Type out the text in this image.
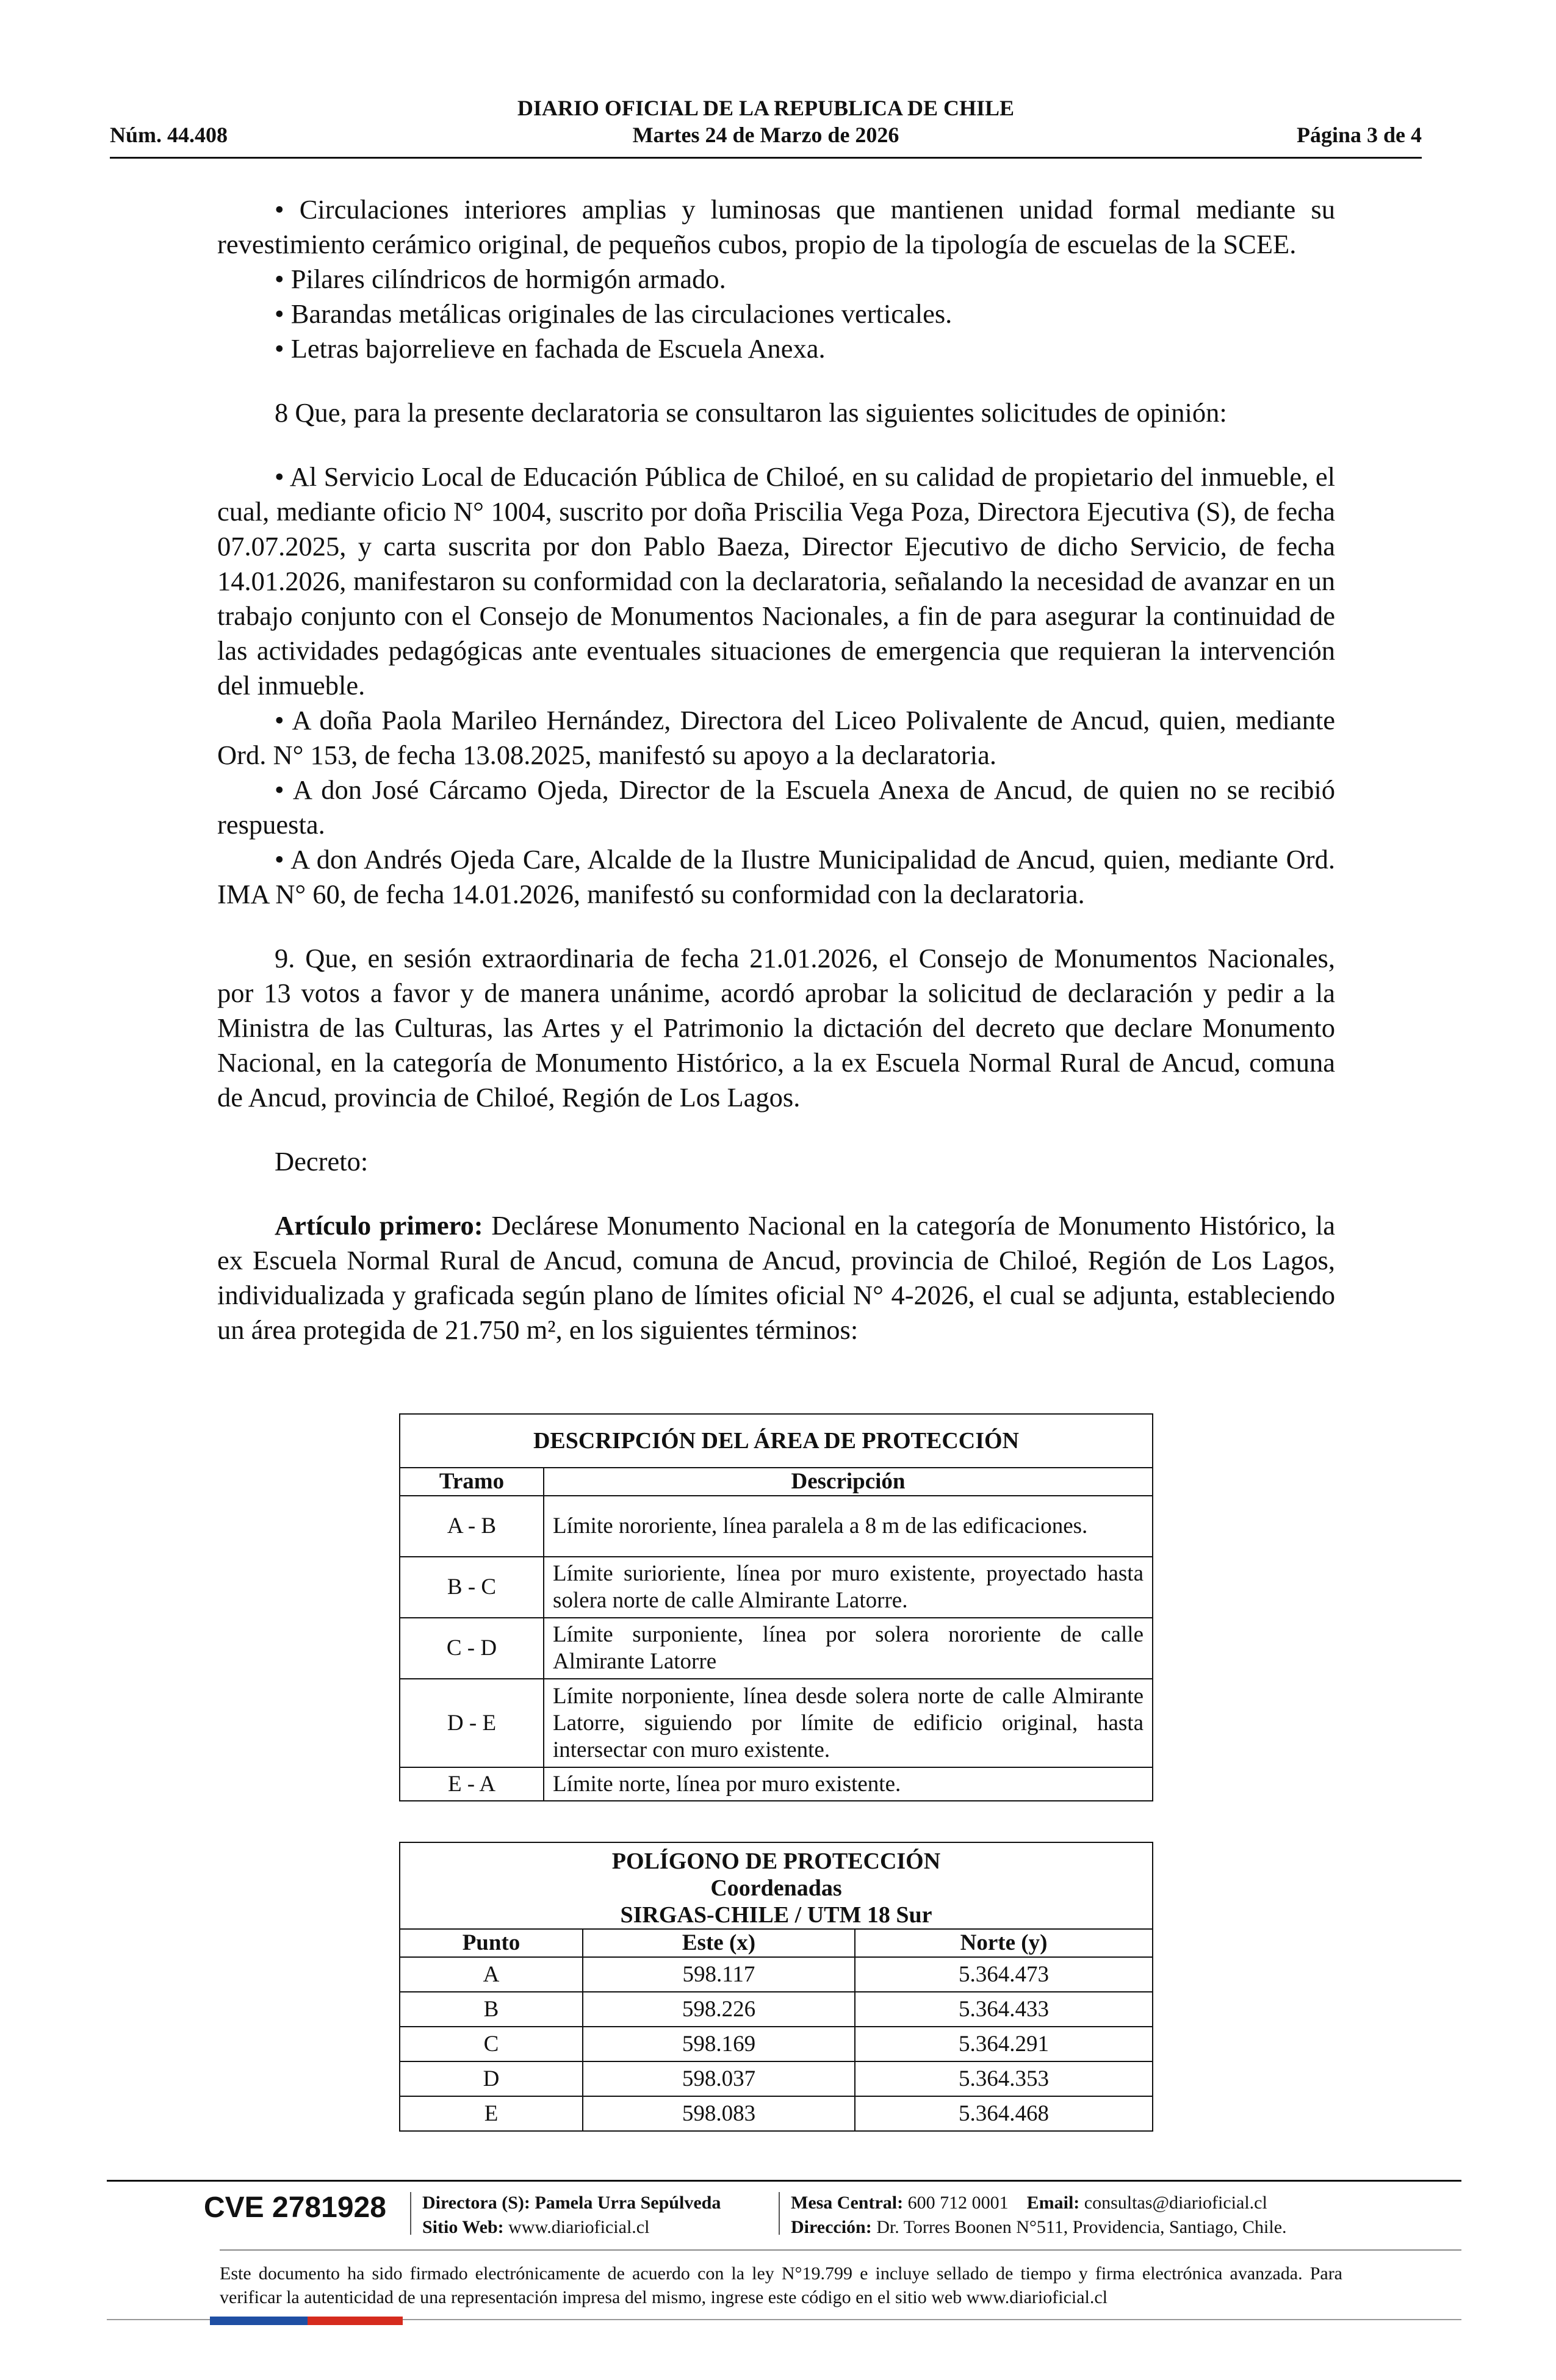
DIARIO OFICIAL DE LA REPUBLICA DE CHILE
Martes 24 de Marzo de 2026
Núm. 44.408	Página 3 de 4
• Circulaciones interiores amplias y luminosas que mantienen unidad formal mediante su revestimiento cerámico original, de pequeños cubos, propio de la tipología de escuelas de la SCEE.
• Pilares cilíndricos de hormigón armado.
• Barandas metálicas originales de las circulaciones verticales.
• Letras bajorrelieve en fachada de Escuela Anexa.
8 Que, para la presente declaratoria se consultaron las siguientes solicitudes de opinión:
• Al Servicio Local de Educación Pública de Chiloé, en su calidad de propietario del inmueble, el cual, mediante oficio N° 1004, suscrito por doña Priscilia Vega Poza, Directora Ejecutiva (S), de fecha 07.07.2025, y carta suscrita por don Pablo Baeza, Director Ejecutivo de dicho Servicio, de fecha 14.01.2026, manifestaron su conformidad con la declaratoria, señalando la necesidad de avanzar en un trabajo conjunto con el Consejo de Monumentos Nacionales, a fin de para asegurar la continuidad de las actividades pedagógicas ante eventuales situaciones de emergencia que requieran la intervención del inmueble.
• A doña Paola Marileo Hernández, Directora del Liceo Polivalente de Ancud, quien, mediante Ord. N° 153, de fecha 13.08.2025, manifestó su apoyo a la declaratoria.
• A don José Cárcamo Ojeda, Director de la Escuela Anexa de Ancud, de quien no se recibió respuesta.
• A don Andrés Ojeda Care, Alcalde de la Ilustre Municipalidad de Ancud, quien, mediante Ord. IMA N° 60, de fecha 14.01.2026, manifestó su conformidad con la declaratoria.
9. Que, en sesión extraordinaria de fecha 21.01.2026, el Consejo de Monumentos Nacionales, por 13 votos a favor y de manera unánime, acordó aprobar la solicitud de declaración y pedir a la Ministra de las Culturas, las Artes y el Patrimonio la dictación del decreto que declare Monumento Nacional, en la categoría de Monumento Histórico, a la ex Escuela Normal Rural de Ancud, comuna de Ancud, provincia de Chiloé, Región de Los Lagos.
Decreto:
Artículo primero: Declárese Monumento Nacional en la categoría de Monumento Histórico, la ex Escuela Normal Rural de Ancud, comuna de Ancud, provincia de Chiloé, Región de Los Lagos, individualizada y graficada según plano de límites oficial N° 4-2026, el cual se adjunta, estableciendo un área protegida de 21.750 m², en los siguientes términos:
DESCRIPCIÓN DEL ÁREA DE PROTECCIÓN	
Tramo	Descripción
A - B	Límite nororiente, línea paralela a 8 m de las edificaciones.
B - C	Límite surioriente, línea por muro existente, proyectado hasta solera norte de calle Almirante Latorre.
C - D	Límite surponiente, línea por solera nororiente de calle Almirante Latorre
D - E	Límite norponiente, línea desde solera norte de calle Almirante Latorre, siguiendo por límite de edificio original, hasta intersectar con muro existente.
E - A	Límite norte, línea por muro existente.
POLÍGONO DE PROTECCIÓN
Coordenadas
SIRGAS-CHILE / UTM 18 Sur		

Punto	Este (x)	Norte (y)
A	598.117	5.364.473
B	598.226	5.364.433
C	598.169	5.364.291
D	598.037	5.364.353
E	598.083	5.364.468
CVE 2781928 Directora (S): Pamela Urra Sepúlveda
Sitio Web: www.diarioficial.cl
Mesa Central: 600 712 0001 Email: consultas@diarioficial.cl
Dirección: Dr. Torres Boonen N°511, Providencia, Santiago, Chile.
Este documento ha sido firmado electrónicamente de acuerdo con la ley N°19.799 e incluye sellado de tiempo y firma electrónica avanzada. Para verificar la autenticidad de una representación impresa del mismo, ingrese este código en el sitio web www.diarioficial.cl
